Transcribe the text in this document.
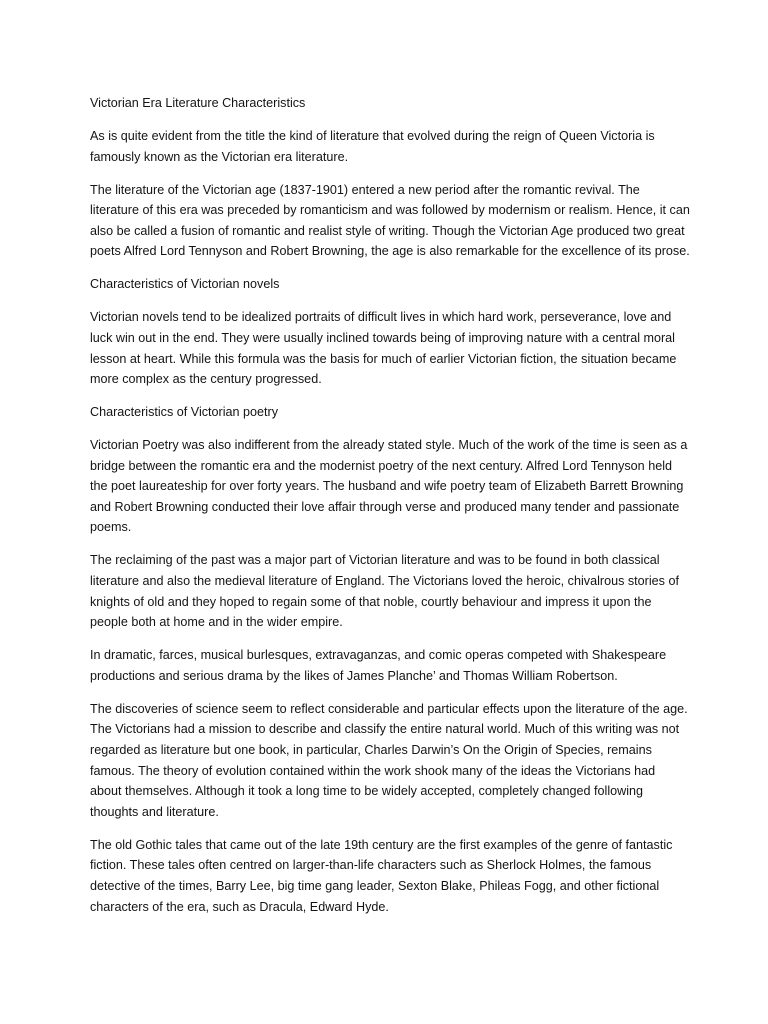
Victorian Era Literature Characteristics

As is quite evident from the title the kind of literature that evolved during the reign of Queen Victoria is famously known as the Victorian era literature.

The literature of the Victorian age (1837-1901) entered a new period after the romantic revival. The literature of this era was preceded by romanticism and was followed by modernism or realism. Hence, it can also be called a fusion of romantic and realist style of writing. Though the Victorian Age produced two great poets Alfred Lord Tennyson and Robert Browning, the age is also remarkable for the excellence of its prose.

Characteristics of Victorian novels

Victorian novels tend to be idealized portraits of difficult lives in which hard work, perseverance, love and luck win out in the end. They were usually inclined towards being of improving nature with a central moral lesson at heart. While this formula was the basis for much of earlier Victorian fiction, the situation became more complex as the century progressed.

Characteristics of Victorian poetry

Victorian Poetry was also indifferent from the already stated style. Much of the work of the time is seen as a bridge between the romantic era and the modernist poetry of the next century. Alfred Lord Tennyson held the poet laureateship for over forty years. The husband and wife poetry team of Elizabeth Barrett Browning and Robert Browning conducted their love affair through verse and produced many tender and passionate poems.

The reclaiming of the past was a major part of Victorian literature and was to be found in both classical literature and also the medieval literature of England. The Victorians loved the heroic, chivalrous stories of knights of old and they hoped to regain some of that noble, courtly behaviour and impress it upon the people both at home and in the wider empire.

In dramatic, farces, musical burlesques, extravaganzas, and comic operas competed with Shakespeare productions and serious drama by the likes of James Planche’ and Thomas William Robertson.

The discoveries of science seem to reflect considerable and particular effects upon the literature of the age. The Victorians had a mission to describe and classify the entire natural world. Much of this writing was not regarded as literature but one book, in particular, Charles Darwin’s On the Origin of Species, remains famous. The theory of evolution contained within the work shook many of the ideas the Victorians had about themselves. Although it took a long time to be widely accepted, completely changed following thoughts and literature.

The old Gothic tales that came out of the late 19th century are the first examples of the genre of fantastic fiction. These tales often centred on larger-than-life characters such as Sherlock Holmes, the famous detective of the times, Barry Lee, big time gang leader, Sexton Blake, Phileas Fogg, and other fictional characters of the era, such as Dracula, Edward Hyde.
